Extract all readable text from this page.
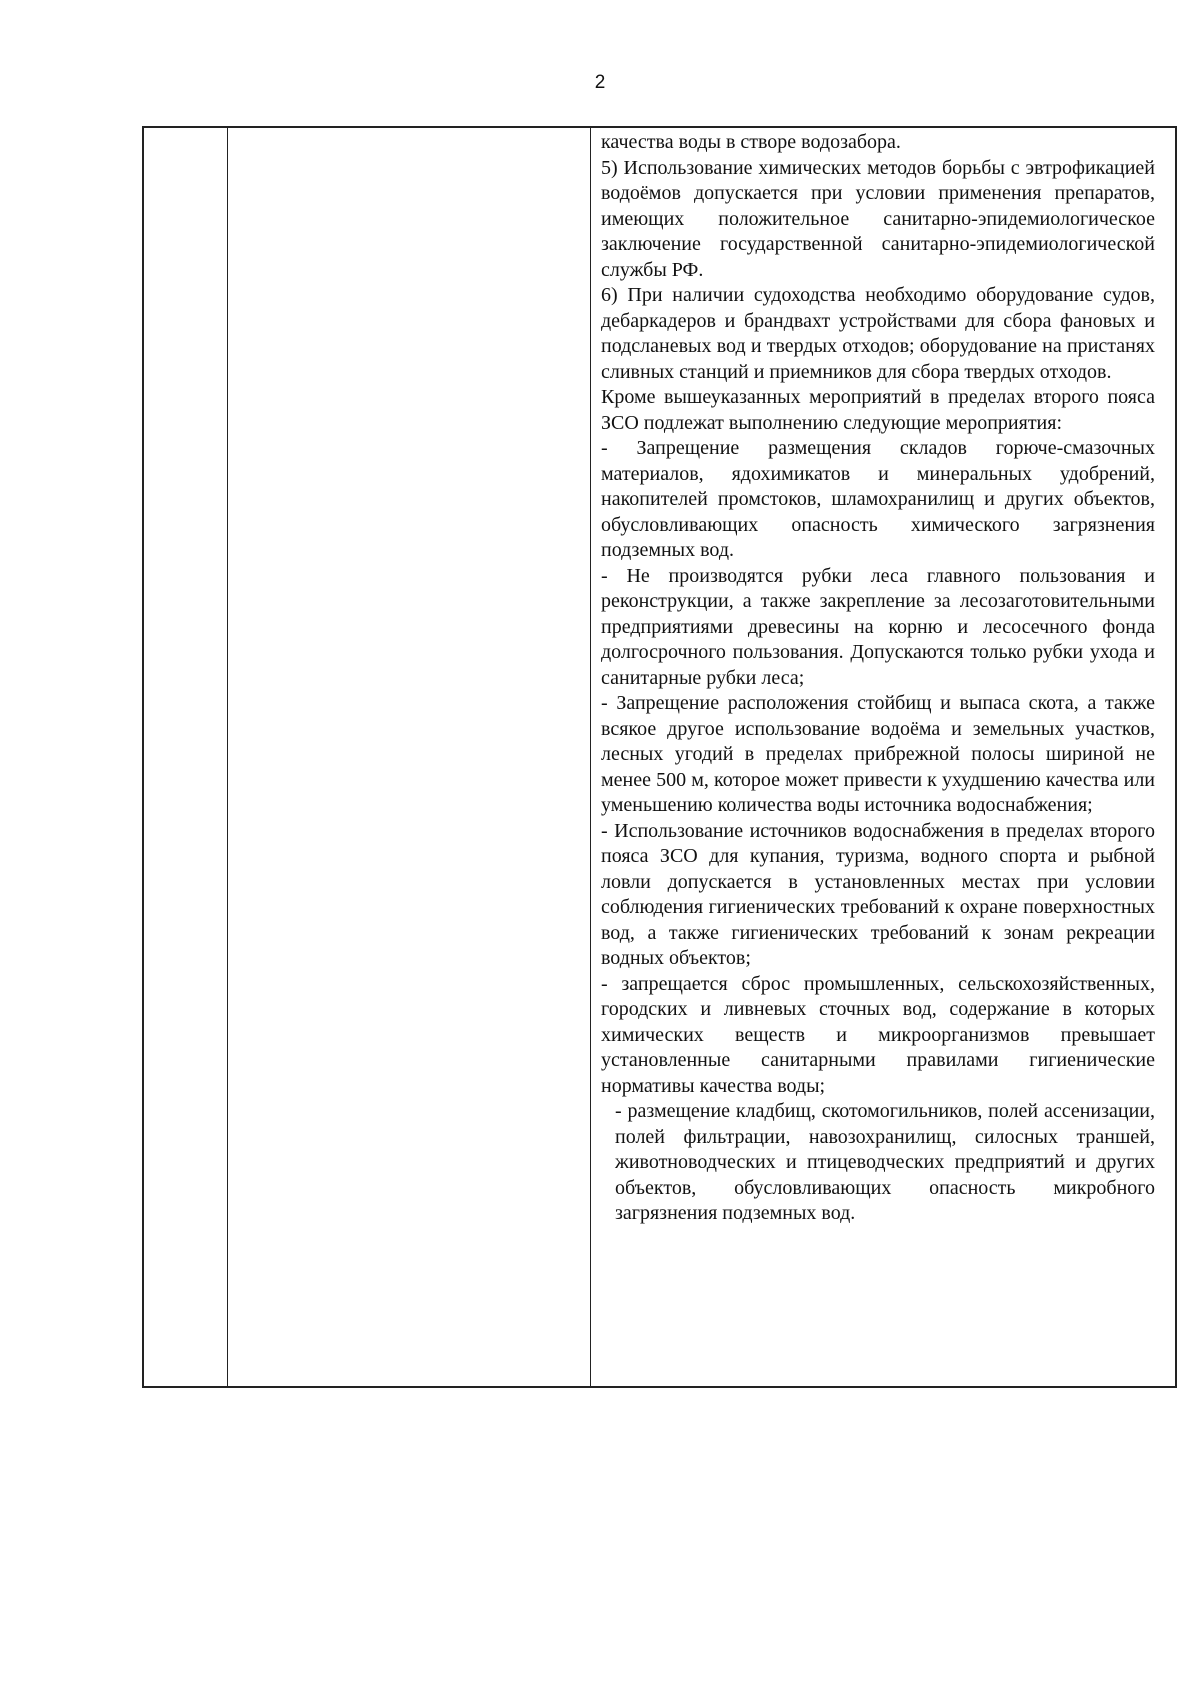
2

качества воды в створе водозабора.

5) Использование химических методов борьбы с эвтрофикацией водоёмов допускается при условии применения препаратов, имеющих положительное санитарно-эпидемиологическое заключение государственной санитарно-эпидемиологической службы РФ.

6) При наличии судоходства необходимо оборудование судов, дебаркадеров и брандвахт устройствами для сбора фановых и подсланевых вод и твердых отходов; оборудование на пристанях сливных станций и приемников для сбора твердых отходов.

Кроме вышеуказанных мероприятий в пределах второго пояса ЗСО подлежат выполнению следующие мероприятия:

- Запрещение размещения складов горюче-смазочных материалов, ядохимикатов и минеральных удобрений, накопителей промстоков, шламохранилищ и других объектов, обусловливающих опасность химического загрязнения подземных вод.

- Не производятся рубки леса главного пользования и реконструкции, а также закрепление за лесозаготовительными предприятиями древесины на корню и лесосечного фонда долгосрочного пользования. Допускаются только рубки ухода и санитарные рубки леса;

- Запрещение расположения стойбищ и выпаса скота, а также всякое другое использование водоёма и земельных участков, лесных угодий в пределах прибрежной полосы шириной не менее 500 м, которое может привести к ухудшению качества или уменьшению количества воды источника водоснабжения;

- Использование источников водоснабжения в пределах второго пояса ЗСО для купания, туризма, водного спорта и рыбной ловли допускается в установленных местах при условии соблюдения гигиенических требований к охране поверхностных вод, а также гигиенических требований к зонам рекреации водных объектов;

- запрещается сброс промышленных, сельскохозяйственных, городских и ливневых сточных вод, содержание в которых химических веществ и микроорганизмов превышает установленные санитарными правилами гигиенические нормативы качества воды;

- размещение кладбищ, скотомогильников, полей ассенизации, полей фильтрации, навозохранилищ, силосных траншей, животноводческих и птицеводческих предприятий и других объектов, обусловливающих опасность микробного загрязнения подземных вод.
